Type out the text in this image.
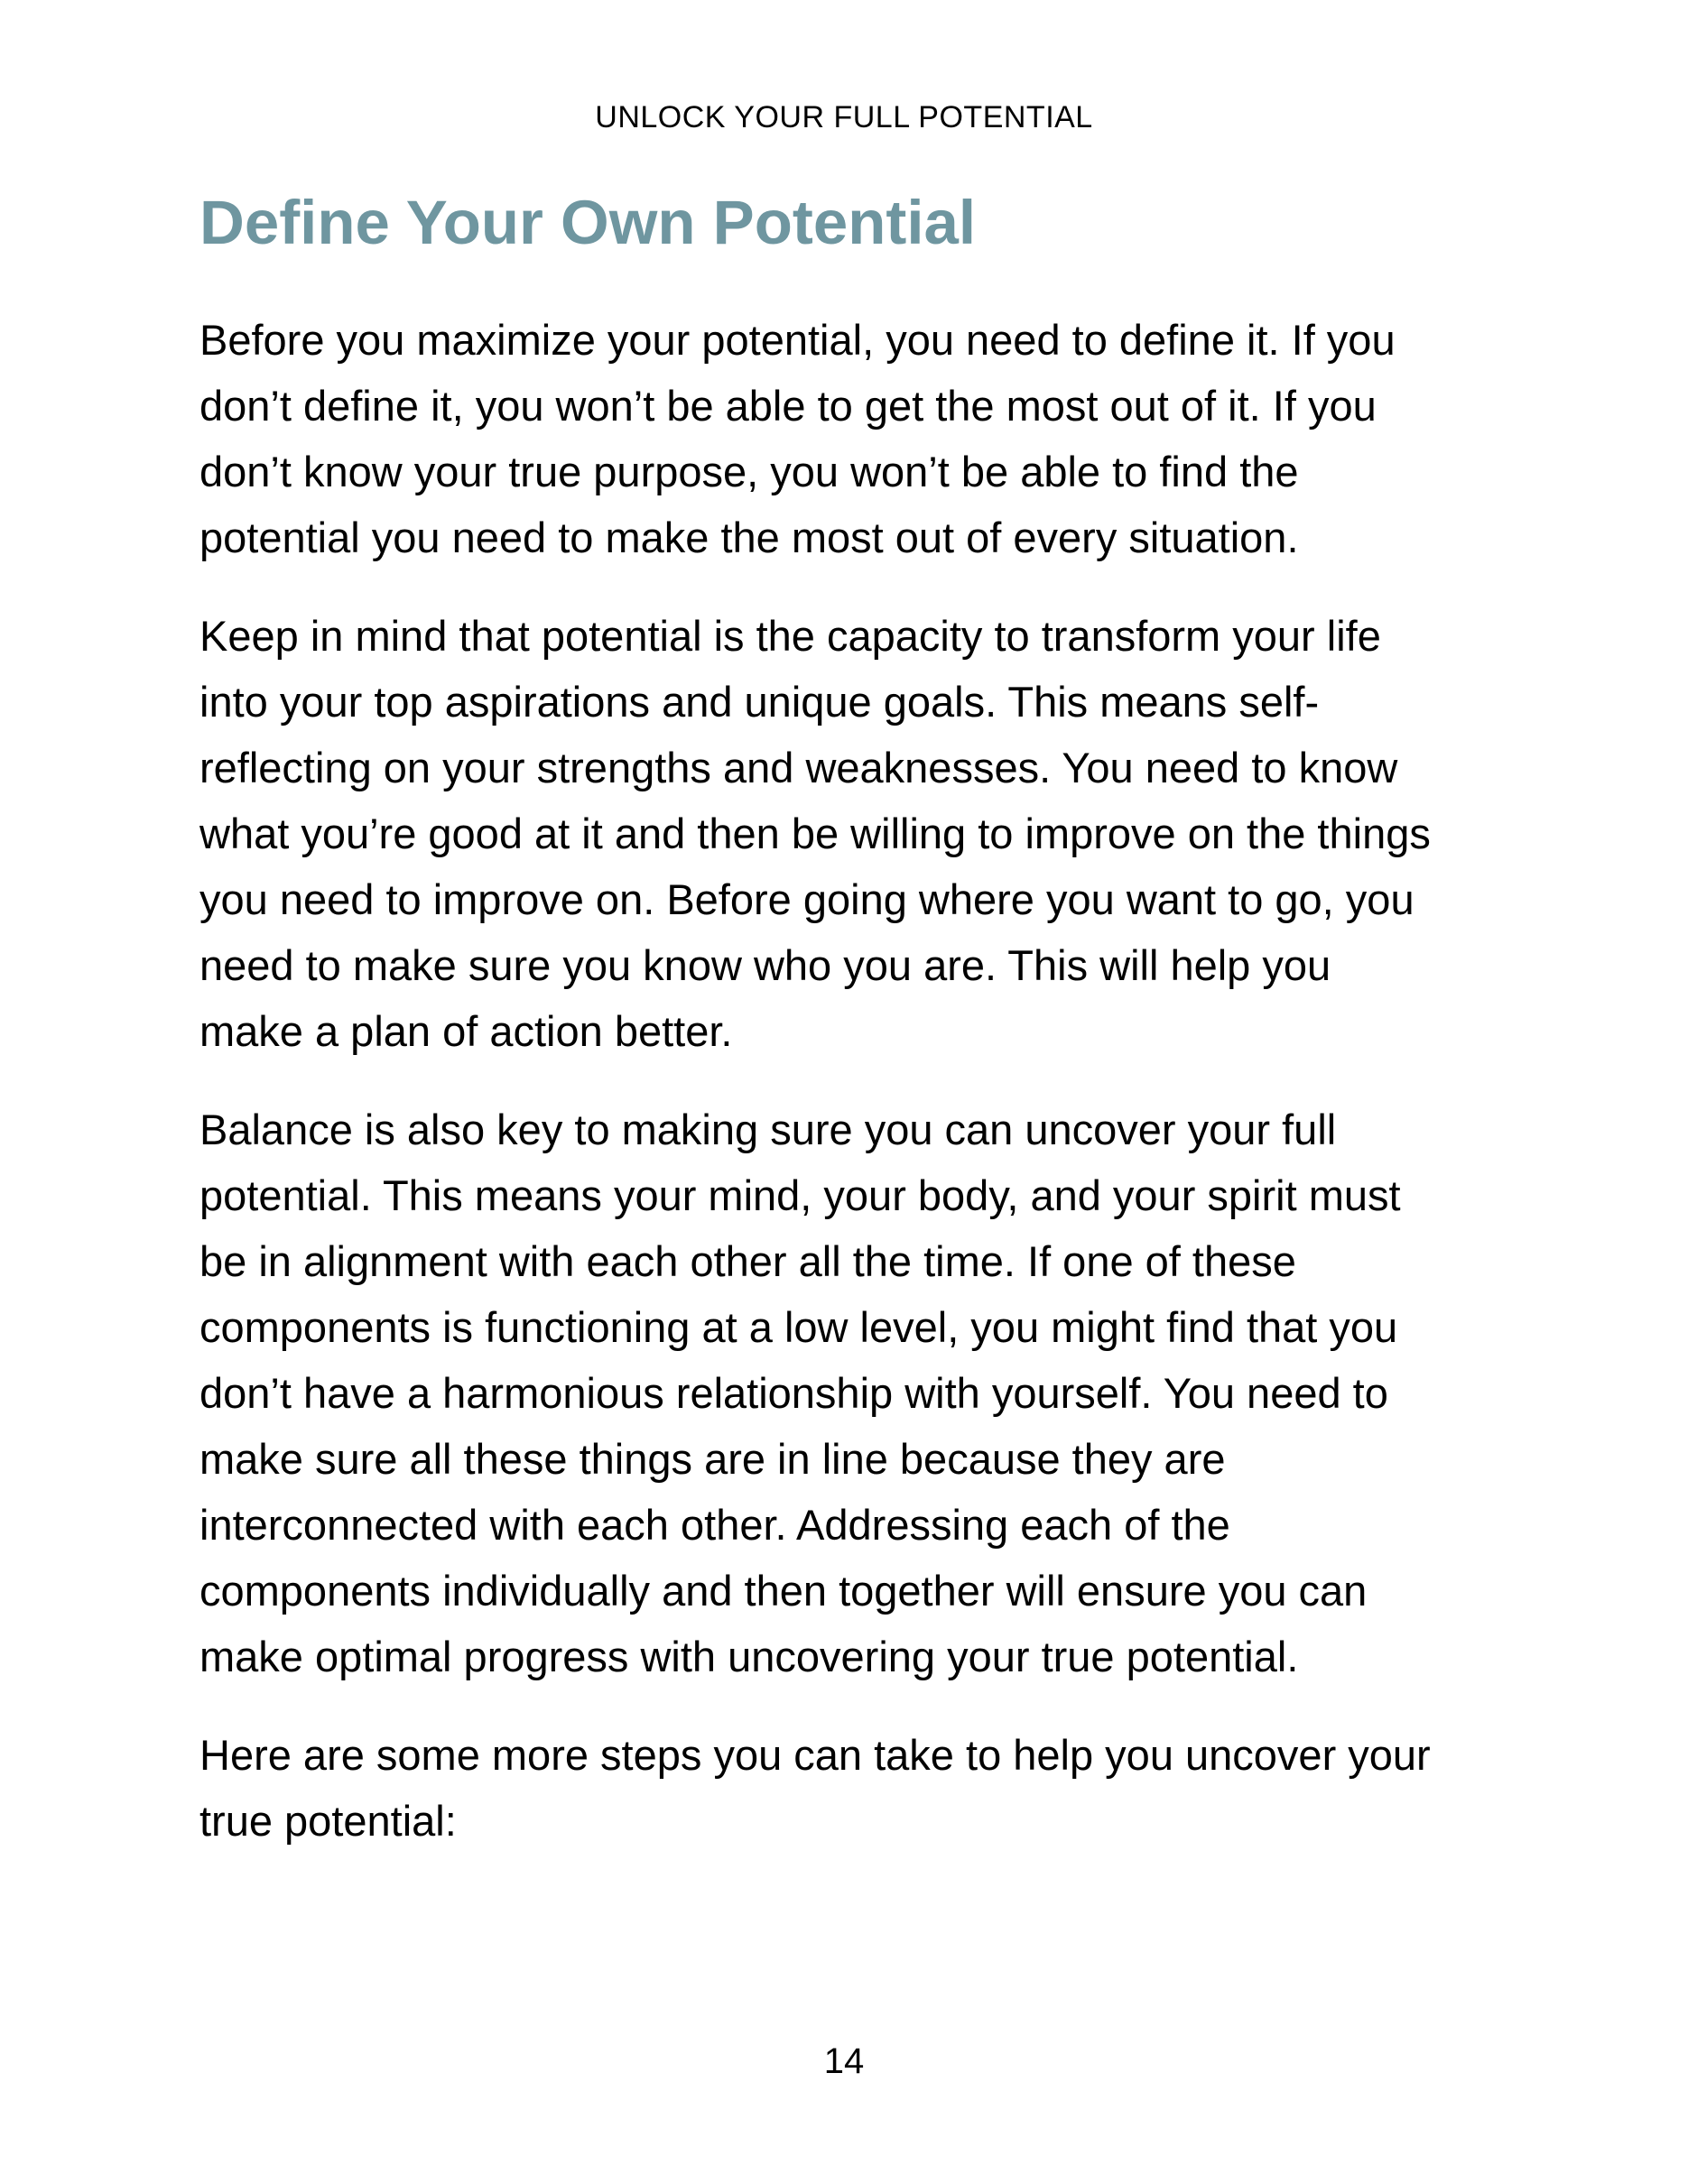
UNLOCK YOUR FULL POTENTIAL
Define Your Own Potential

Before you maximize your potential, you need to define it. If you
don’t define it, you won’t be able to get the most out of it. If you
don’t know your true purpose, you won’t be able to find the
potential you need to make the most out of every situation.

Keep in mind that potential is the capacity to transform your life
into your top aspirations and unique goals. This means self-
reflecting on your strengths and weaknesses. You need to know
what you’re good at it and then be willing to improve on the things
you need to improve on. Before going where you want to go, you
need to make sure you know who you are. This will help you
make a plan of action better.

Balance is also key to making sure you can uncover your full
potential. This means your mind, your body, and your spirit must
be in alignment with each other all the time. If one of these
components is functioning at a low level, you might find that you
don’t have a harmonious relationship with yourself. You need to
make sure all these things are in line because they are
interconnected with each other. Addressing each of the
components individually and then together will ensure you can
make optimal progress with uncovering your true potential.

Here are some more steps you can take to help you uncover your
true potential:

14
